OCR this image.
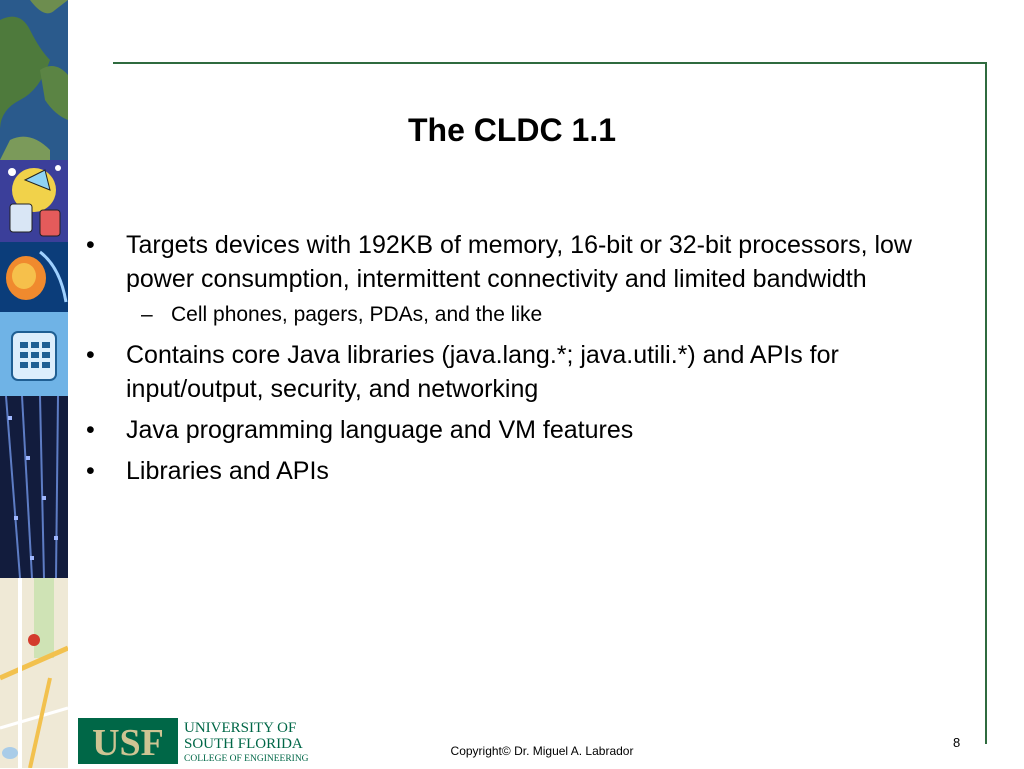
The CLDC 1.1
• Targets devices with 192KB of memory, 16-bit or 32-bit processors, low power consumption, intermittent connectivity and limited bandwidth
– Cell phones, pagers, PDAs, and the like
• Contains core Java libraries (java.lang.*; java.utili.*) and APIs for input/output, security, and networking
• Java programming language and VM features
• Libraries and APIs
USF UNIVERSITY OF
SOUTH FLORIDA
COLLEGE OF ENGINEERING
Copyright© Dr. Miguel A. Labrador
8
